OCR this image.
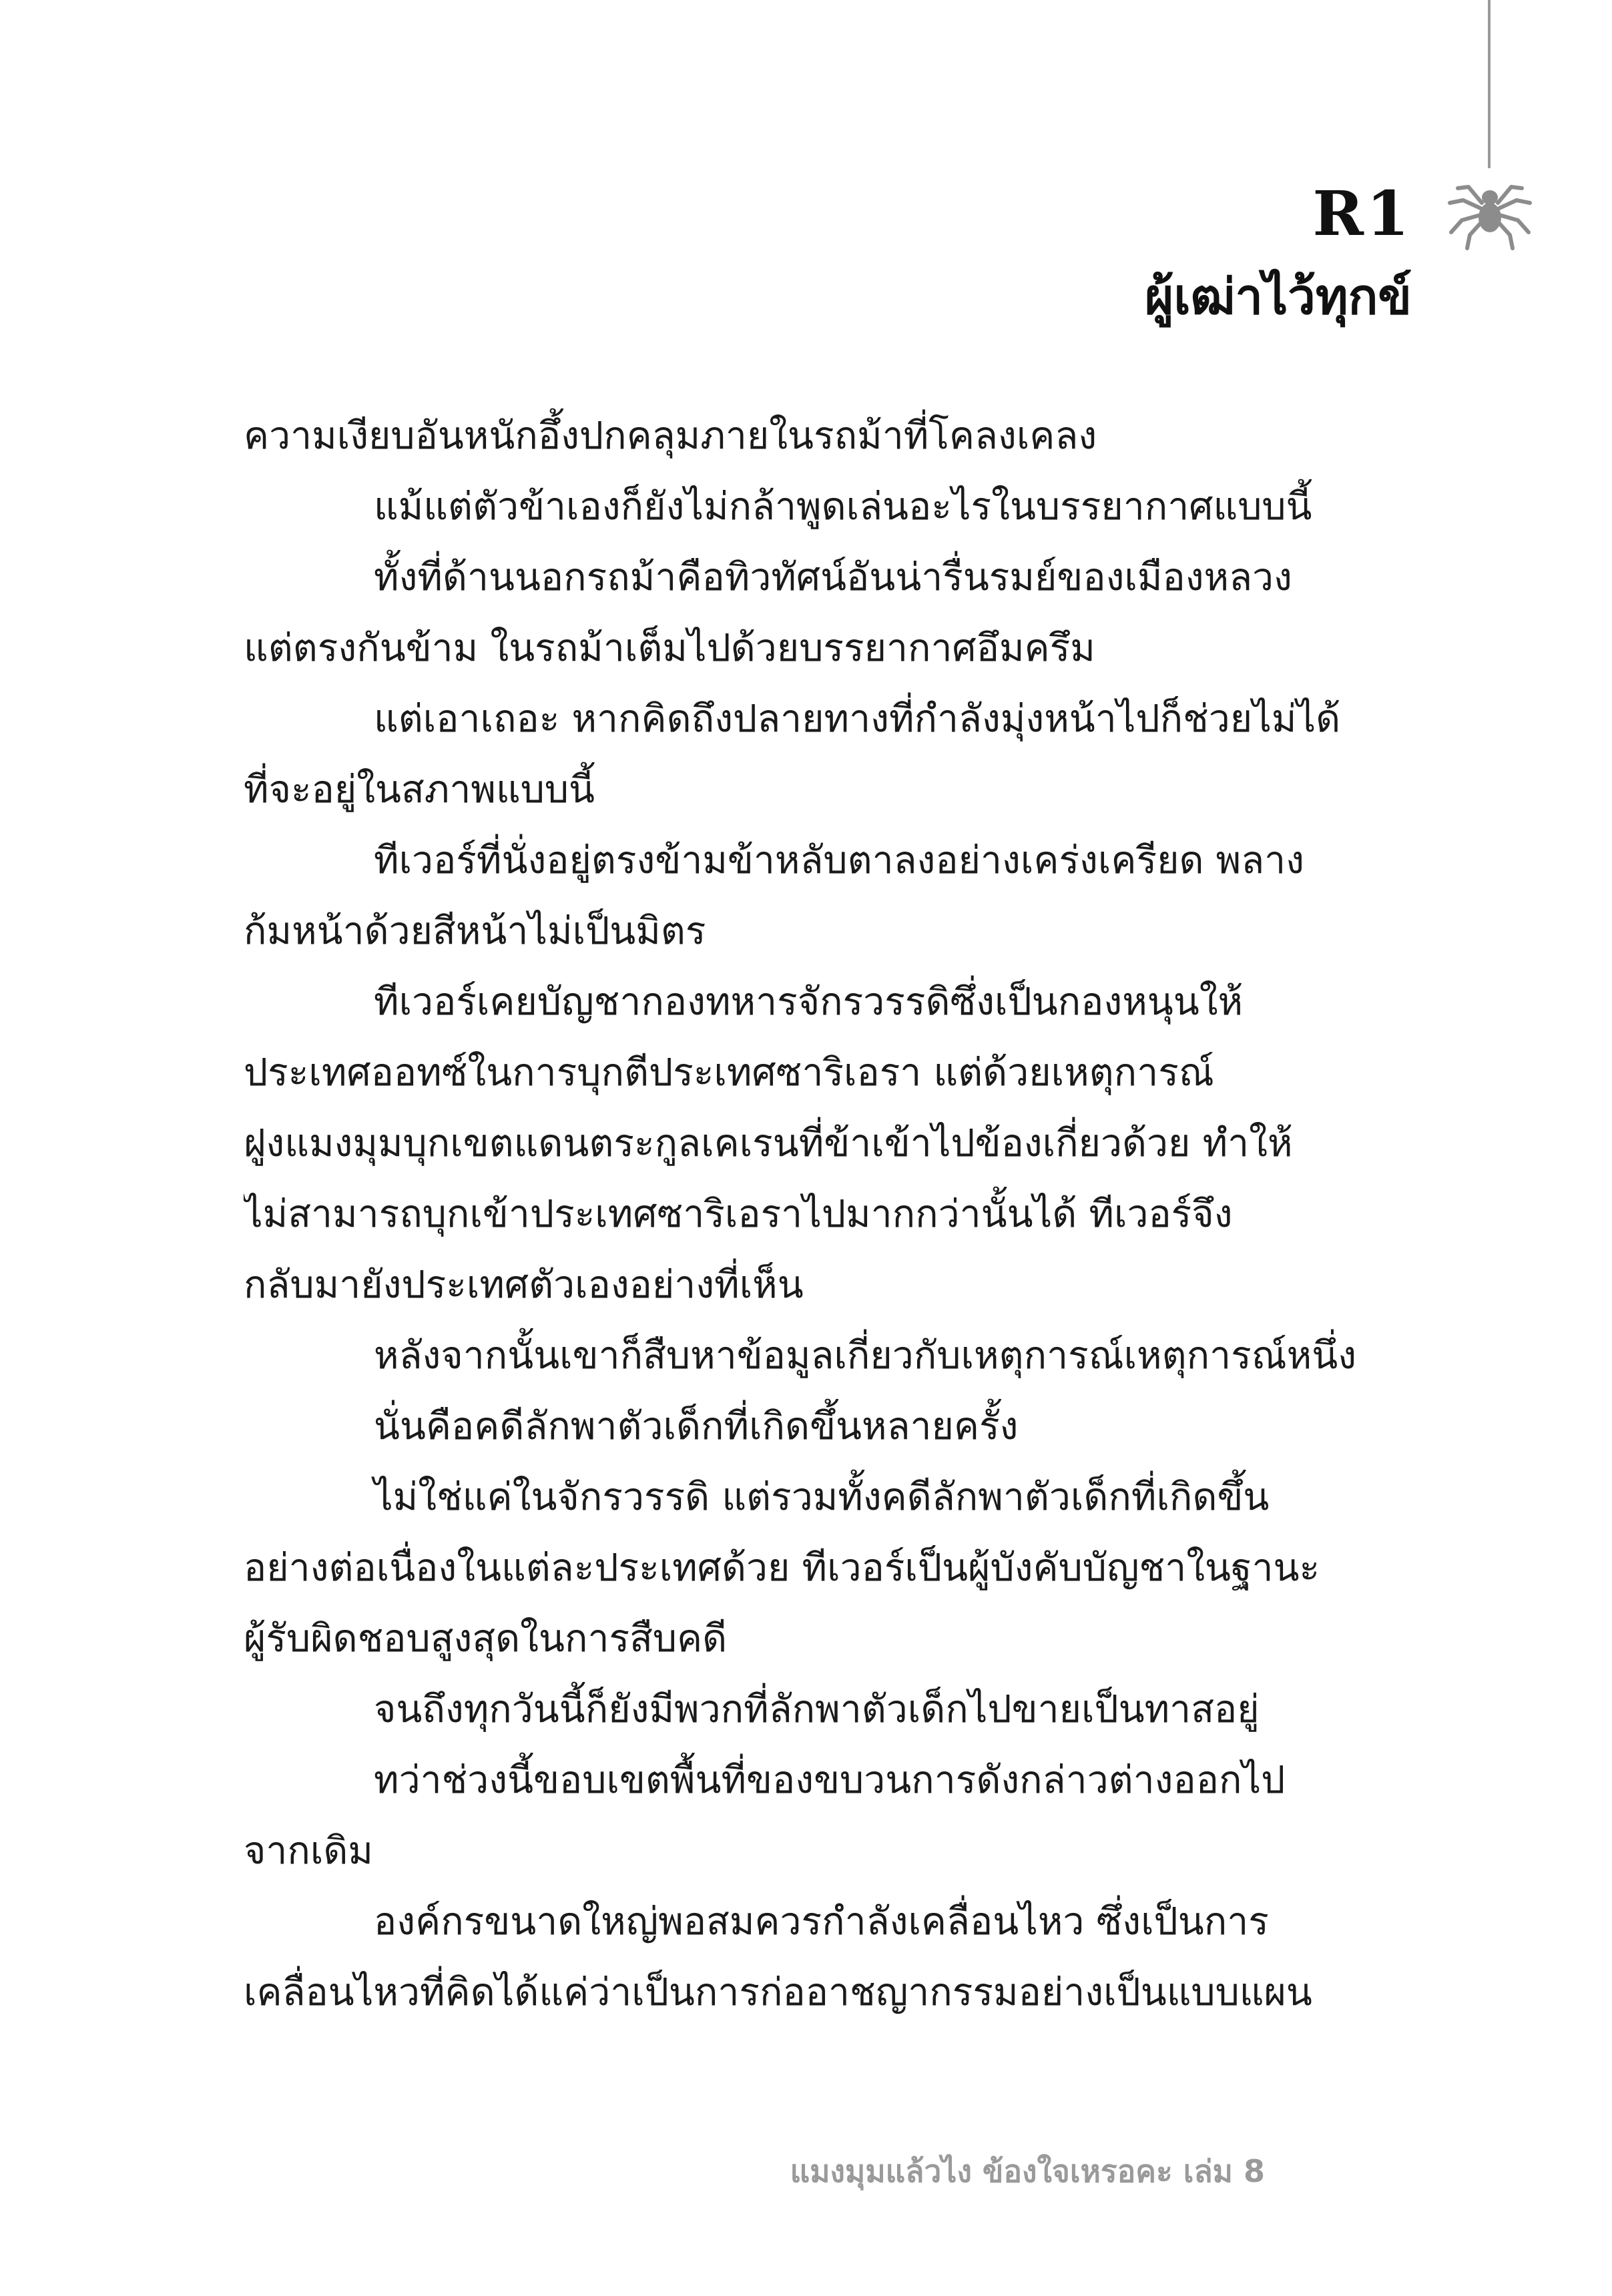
R1
ผู้เฒ่าไว้ทุกข์

ความเงียบอันหนักอึ้งปกคลุมภายในรถม้าที่โคลงเคลง

แม้แต่ตัวข้าเองก็ยังไม่กล้าพูดเล่นอะไรในบรรยากาศแบบนี้

ทั้งที่ด้านนอกรถม้าคือทิวทัศน์อันน่ารื่นรมย์ของเมืองหลวง

แต่ตรงกันข้าม ในรถม้าเต็มไปด้วยบรรยากาศอึมครึม

แต่เอาเถอะ หากคิดถึงปลายทางที่กำลังมุ่งหน้าไปก็ช่วยไม่ได้

ที่จะอยู่ในสภาพแบบนี้

ทีเวอร์ที่นั่งอยู่ตรงข้ามข้าหลับตาลงอย่างเคร่งเครียด พลาง

ก้มหน้าด้วยสีหน้าไม่เป็นมิตร

ทีเวอร์เคยบัญชากองทหารจักรวรรดิซึ่งเป็นกองหนุนให้

ประเทศออทซ์ในการบุกตีประเทศซาริเอรา แต่ด้วยเหตุการณ์

ฝูงแมงมุมบุกเขตแดนตระกูลเคเรนที่ข้าเข้าไปข้องเกี่ยวด้วย ทำให้

ไม่สามารถบุกเข้าประเทศซาริเอราไปมากกว่านั้นได้ ทีเวอร์จึง

กลับมายังประเทศตัวเองอย่างที่เห็น

หลังจากนั้นเขาก็สืบหาข้อมูลเกี่ยวกับเหตุการณ์เหตุการณ์หนึ่ง

นั่นคือคดีลักพาตัวเด็กที่เกิดขึ้นหลายครั้ง

ไม่ใช่แค่ในจักรวรรดิ แต่รวมทั้งคดีลักพาตัวเด็กที่เกิดขึ้น

อย่างต่อเนื่องในแต่ละประเทศด้วย ทีเวอร์เป็นผู้บังคับบัญชาในฐานะ

ผู้รับผิดชอบสูงสุดในการสืบคดี

จนถึงทุกวันนี้ก็ยังมีพวกที่ลักพาตัวเด็กไปขายเป็นทาสอยู่

ทว่าช่วงนี้ขอบเขตพื้นที่ของขบวนการดังกล่าวต่างออกไป

จากเดิม

องค์กรขนาดใหญ่พอสมควรกำลังเคลื่อนไหว ซึ่งเป็นการ

เคลื่อนไหวที่คิดได้แค่ว่าเป็นการก่ออาชญากรรมอย่างเป็นแบบแผน

แมงมุมแล้วไง ข้องใจเหรอคะ เล่ม 8
